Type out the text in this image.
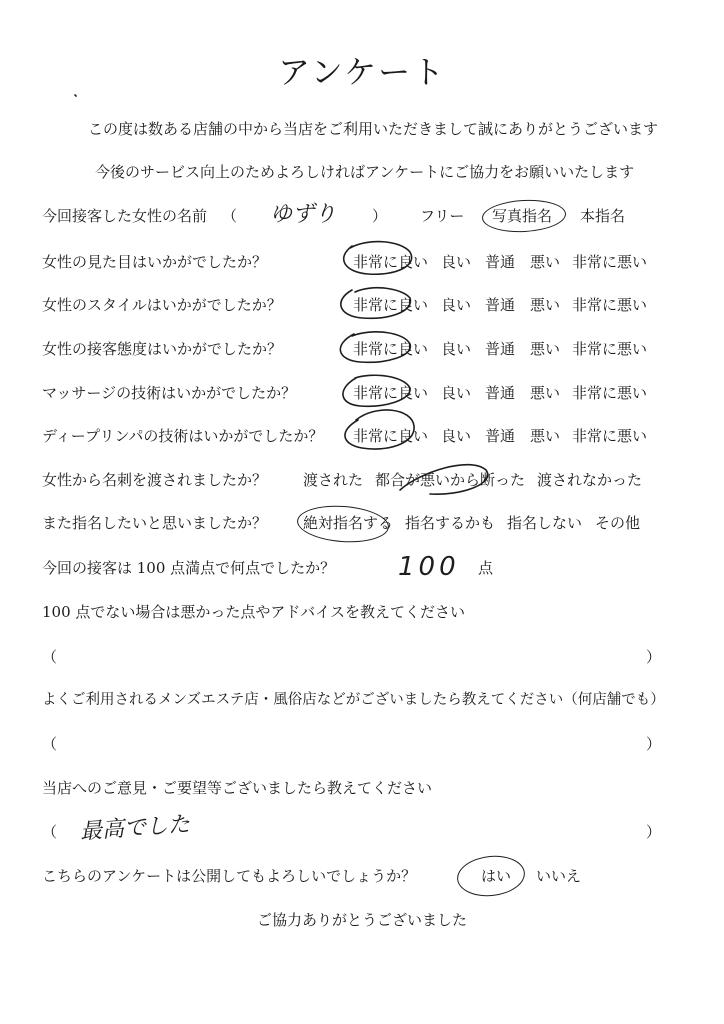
アンケート
この度は数ある店舗の中から当店をご利用いただきまして誠にありがとうございます
今後のサービス向上のためよろしければアンケートにご協力をお願いいたします
今回接客した女性の名前 （ ゆずり ） フリー 写真指名 本指名
女性の見た目はいかがでしたか？	非常に良い 良い 普通 悪い 非常に悪い
女性のスタイルはいかがでしたか？	非常に良い 良い 普通 悪い 非常に悪い
女性の接客態度はいかがでしたか？	非常に良い 良い 普通 悪い 非常に悪い
マッサージの技術はいかがでしたか？	非常に良い 良い 普通 悪い 非常に悪い
ディープリンパの技術はいかがでしたか？ 非常に良い 良い 普通 悪い 非常に悪い
女性から名刺を渡されましたか？ 渡された 都合が悪いから断った 渡されなかった
また指名したいと思いましたか？ 絶対指名する 指名するかも 指名しない その他
今回の接客は 100 点満点で何点でしたか？ 100 点
100 点でない場合は悪かった点やアドバイスを教えてください
（	）
よくご利用されるメンズエステ店・風俗店などがございましたら教えてください（何店舗でも）
（	）
当店へのご意見・ご要望等ございましたら教えてください
（ 最高でした	）
こちらのアンケートは公開してもよろしいでしょうか？	はい いいえ
ご協力ありがとうございました
